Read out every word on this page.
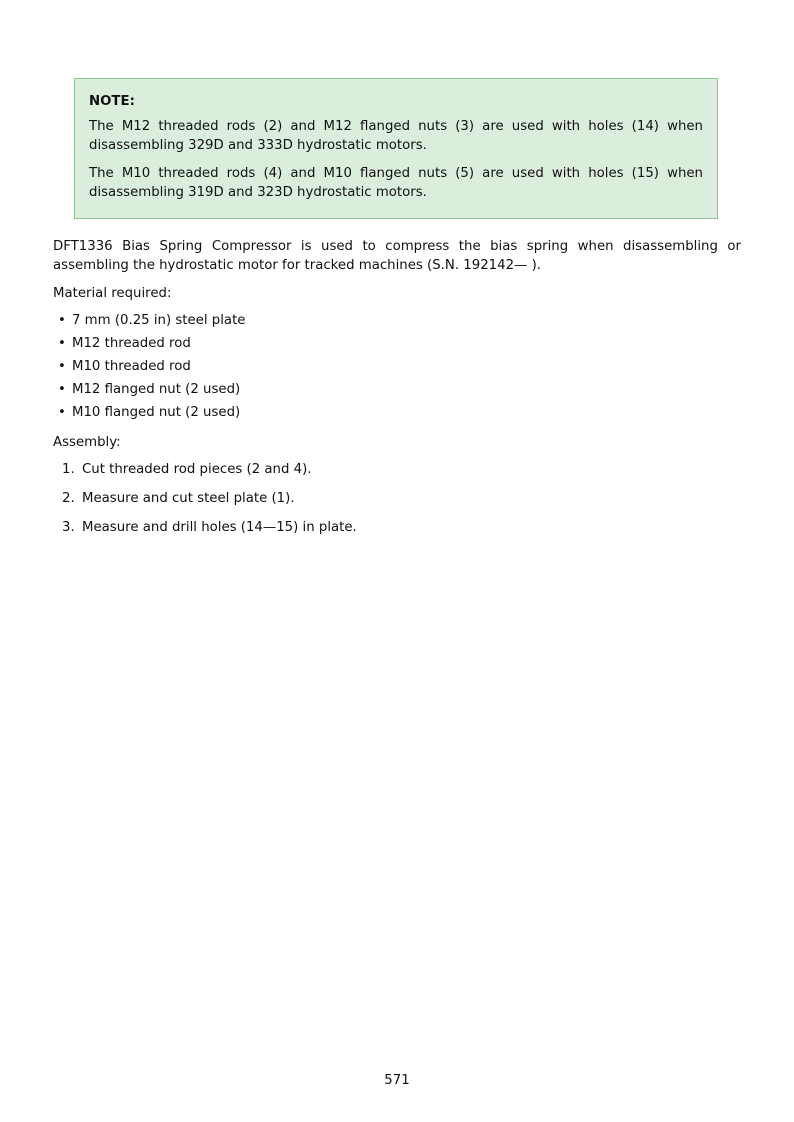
NOTE:

The M12 threaded rods (2) and M12 flanged nuts (3) are used with holes (14) when disassembling 329D and 333D hydrostatic motors.

The M10 threaded rods (4) and M10 flanged nuts (5) are used with holes (15) when disassembling 319D and 323D hydrostatic motors.

DFT1336 Bias Spring Compressor is used to compress the bias spring when disassembling or assembling the hydrostatic motor for tracked machines (S.N. 192142— ).

Material required:

• 7 mm (0.25 in) steel plate
• M12 threaded rod
• M10 threaded rod
• M12 flanged nut (2 used)
• M10 flanged nut (2 used)

Assembly:

1. Cut threaded rod pieces (2 and 4).
2. Measure and cut steel plate (1).
3. Measure and drill holes (14—15) in plate.
571
